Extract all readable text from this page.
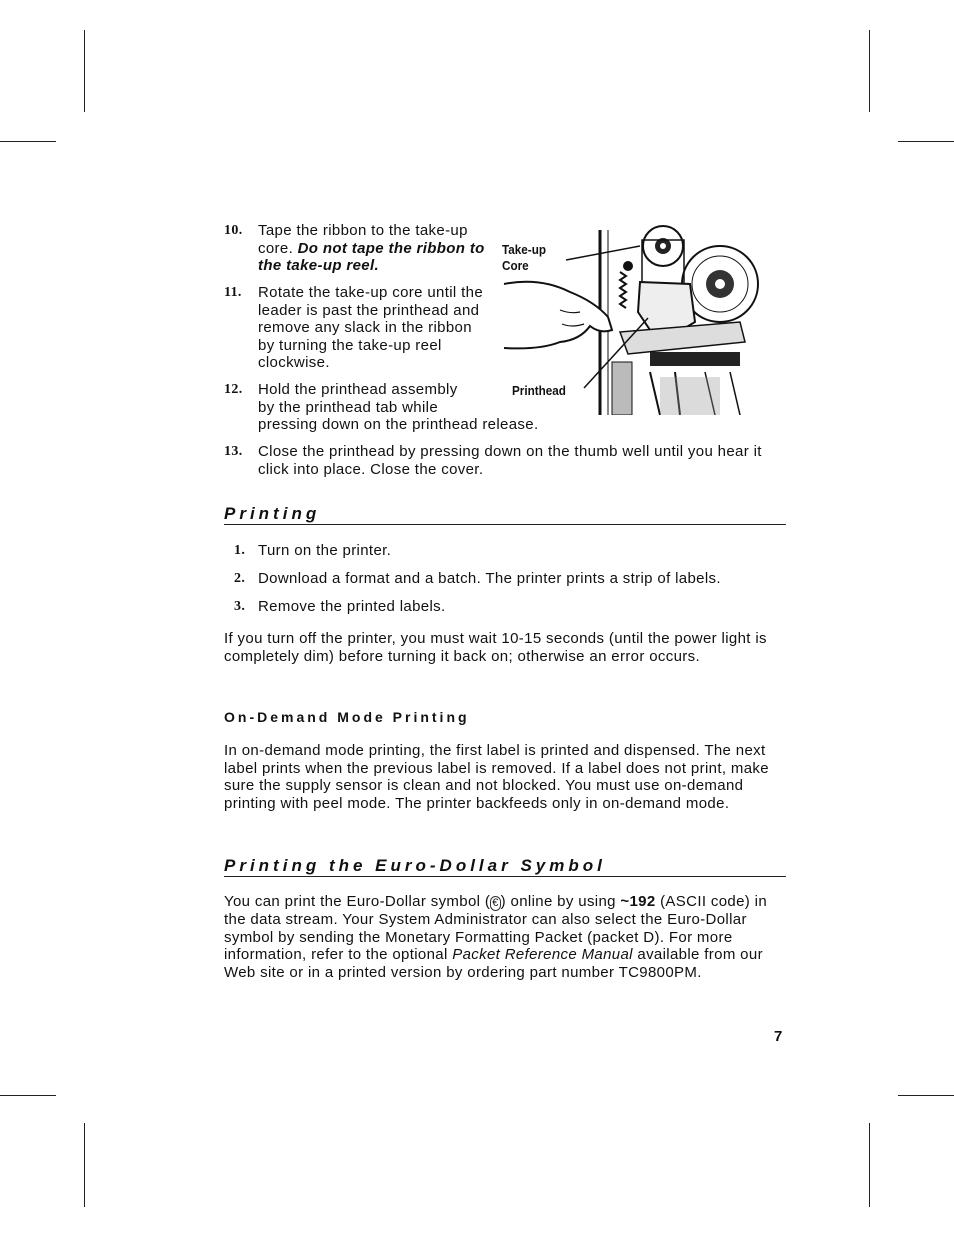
10. Tape the ribbon to the take-up core. Do not tape the ribbon to the take-up reel.
11. Rotate the take-up core until the leader is past the printhead and remove any slack in the ribbon by turning the take-up reel clockwise.
12. Hold the printhead assembly
by the printhead tab while
pressing down on the printhead release.
13. Close the printhead by pressing down on the thumb well until you hear it click into place. Close the cover.
Take-up Core
Printhead
Printing
1. Turn on the printer.
2. Download a format and a batch. The printer prints a strip of labels.
3. Remove the printed labels.
If you turn off the printer, you must wait 10-15 seconds (until the power light is completely dim) before turning it back on; otherwise an error occurs.
On-Demand Mode Printing
In on-demand mode printing, the first label is printed and dispensed. The next label prints when the previous label is removed. If a label does not print, make sure the supply sensor is clean and not blocked. You must use on-demand printing with peel mode. The printer backfeeds only in on-demand mode.
Printing the Euro-Dollar Symbol
You can print the Euro-Dollar symbol ( € ) online by using ~192 (ASCII code) in the data stream. Your System Administrator can also select the Euro-Dollar symbol by sending the Monetary Formatting Packet (packet D). For more information, refer to the optional Packet Reference Manual available from our Web site or in a printed version by ordering part number TC9800PM.
7
